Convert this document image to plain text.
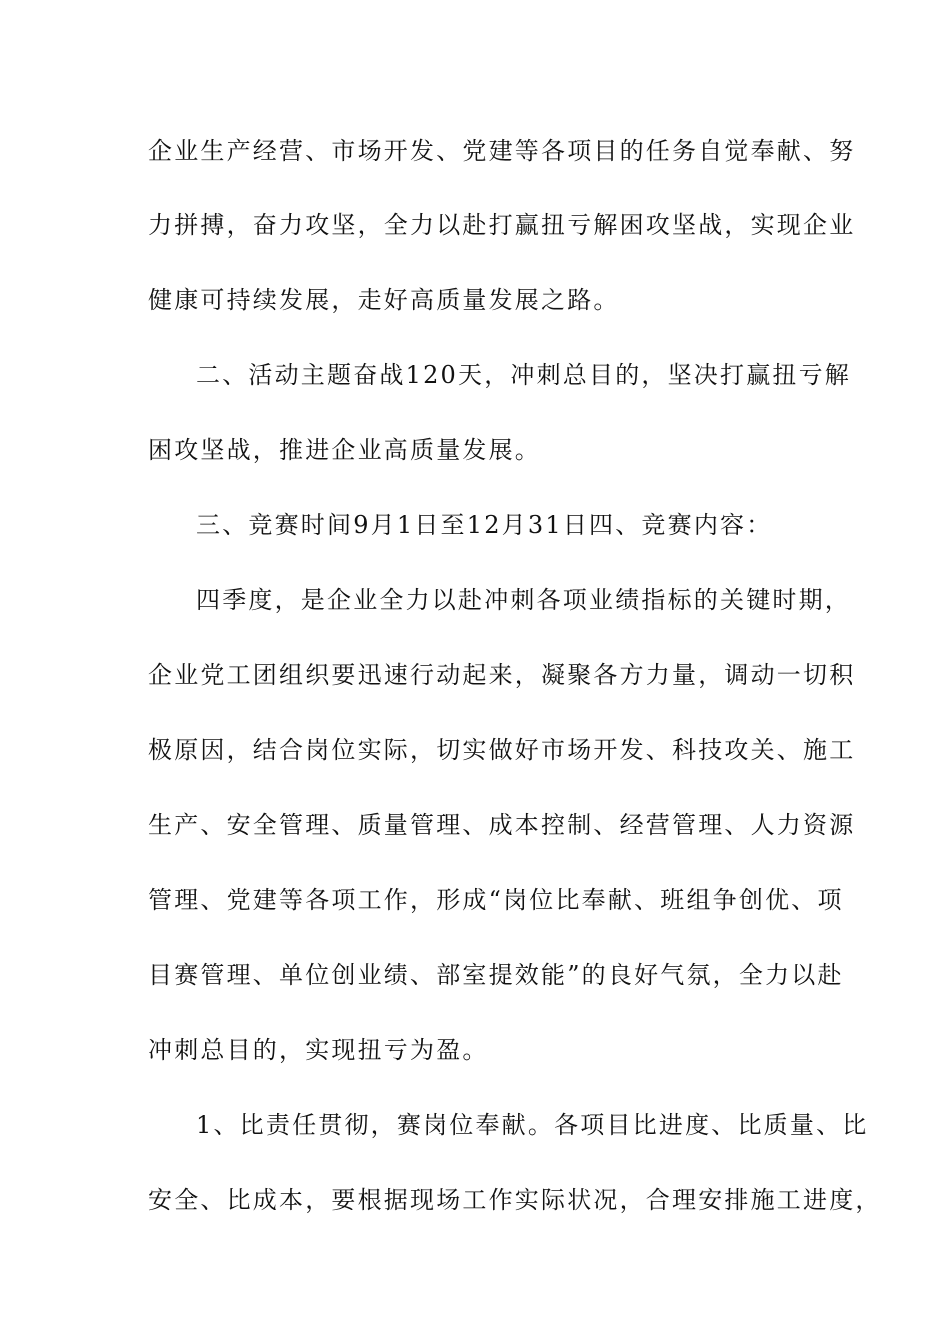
企业生产经营、市场开发、党建等各项目的任务自觉奉献、努
力拼搏，奋力攻坚，全力以赴打赢扭亏解困攻坚战，实现企业
健康可持续发展，走好高质量发展之路。
二、活动主题奋战120天，冲刺总目的，坚决打赢扭亏解
困攻坚战，推进企业高质量发展。
三、竞赛时间9月1日至12月31日四、竞赛内容：
四季度，是企业全力以赴冲刺各项业绩指标的关键时期，
企业党工团组织要迅速行动起来，凝聚各方力量，调动一切积
极原因，结合岗位实际，切实做好市场开发、科技攻关、施工
生产、安全管理、质量管理、成本控制、经营管理、人力资源
管理、党建等各项工作，形成“岗位比奉献、班组争创优、项
目赛管理、单位创业绩、部室提效能”的良好气氛，全力以赴
冲刺总目的，实现扭亏为盈。
1、比责任贯彻，赛岗位奉献。各项目比进度、比质量、比
安全、比成本，要根据现场工作实际状况，合理安排施工进度，
